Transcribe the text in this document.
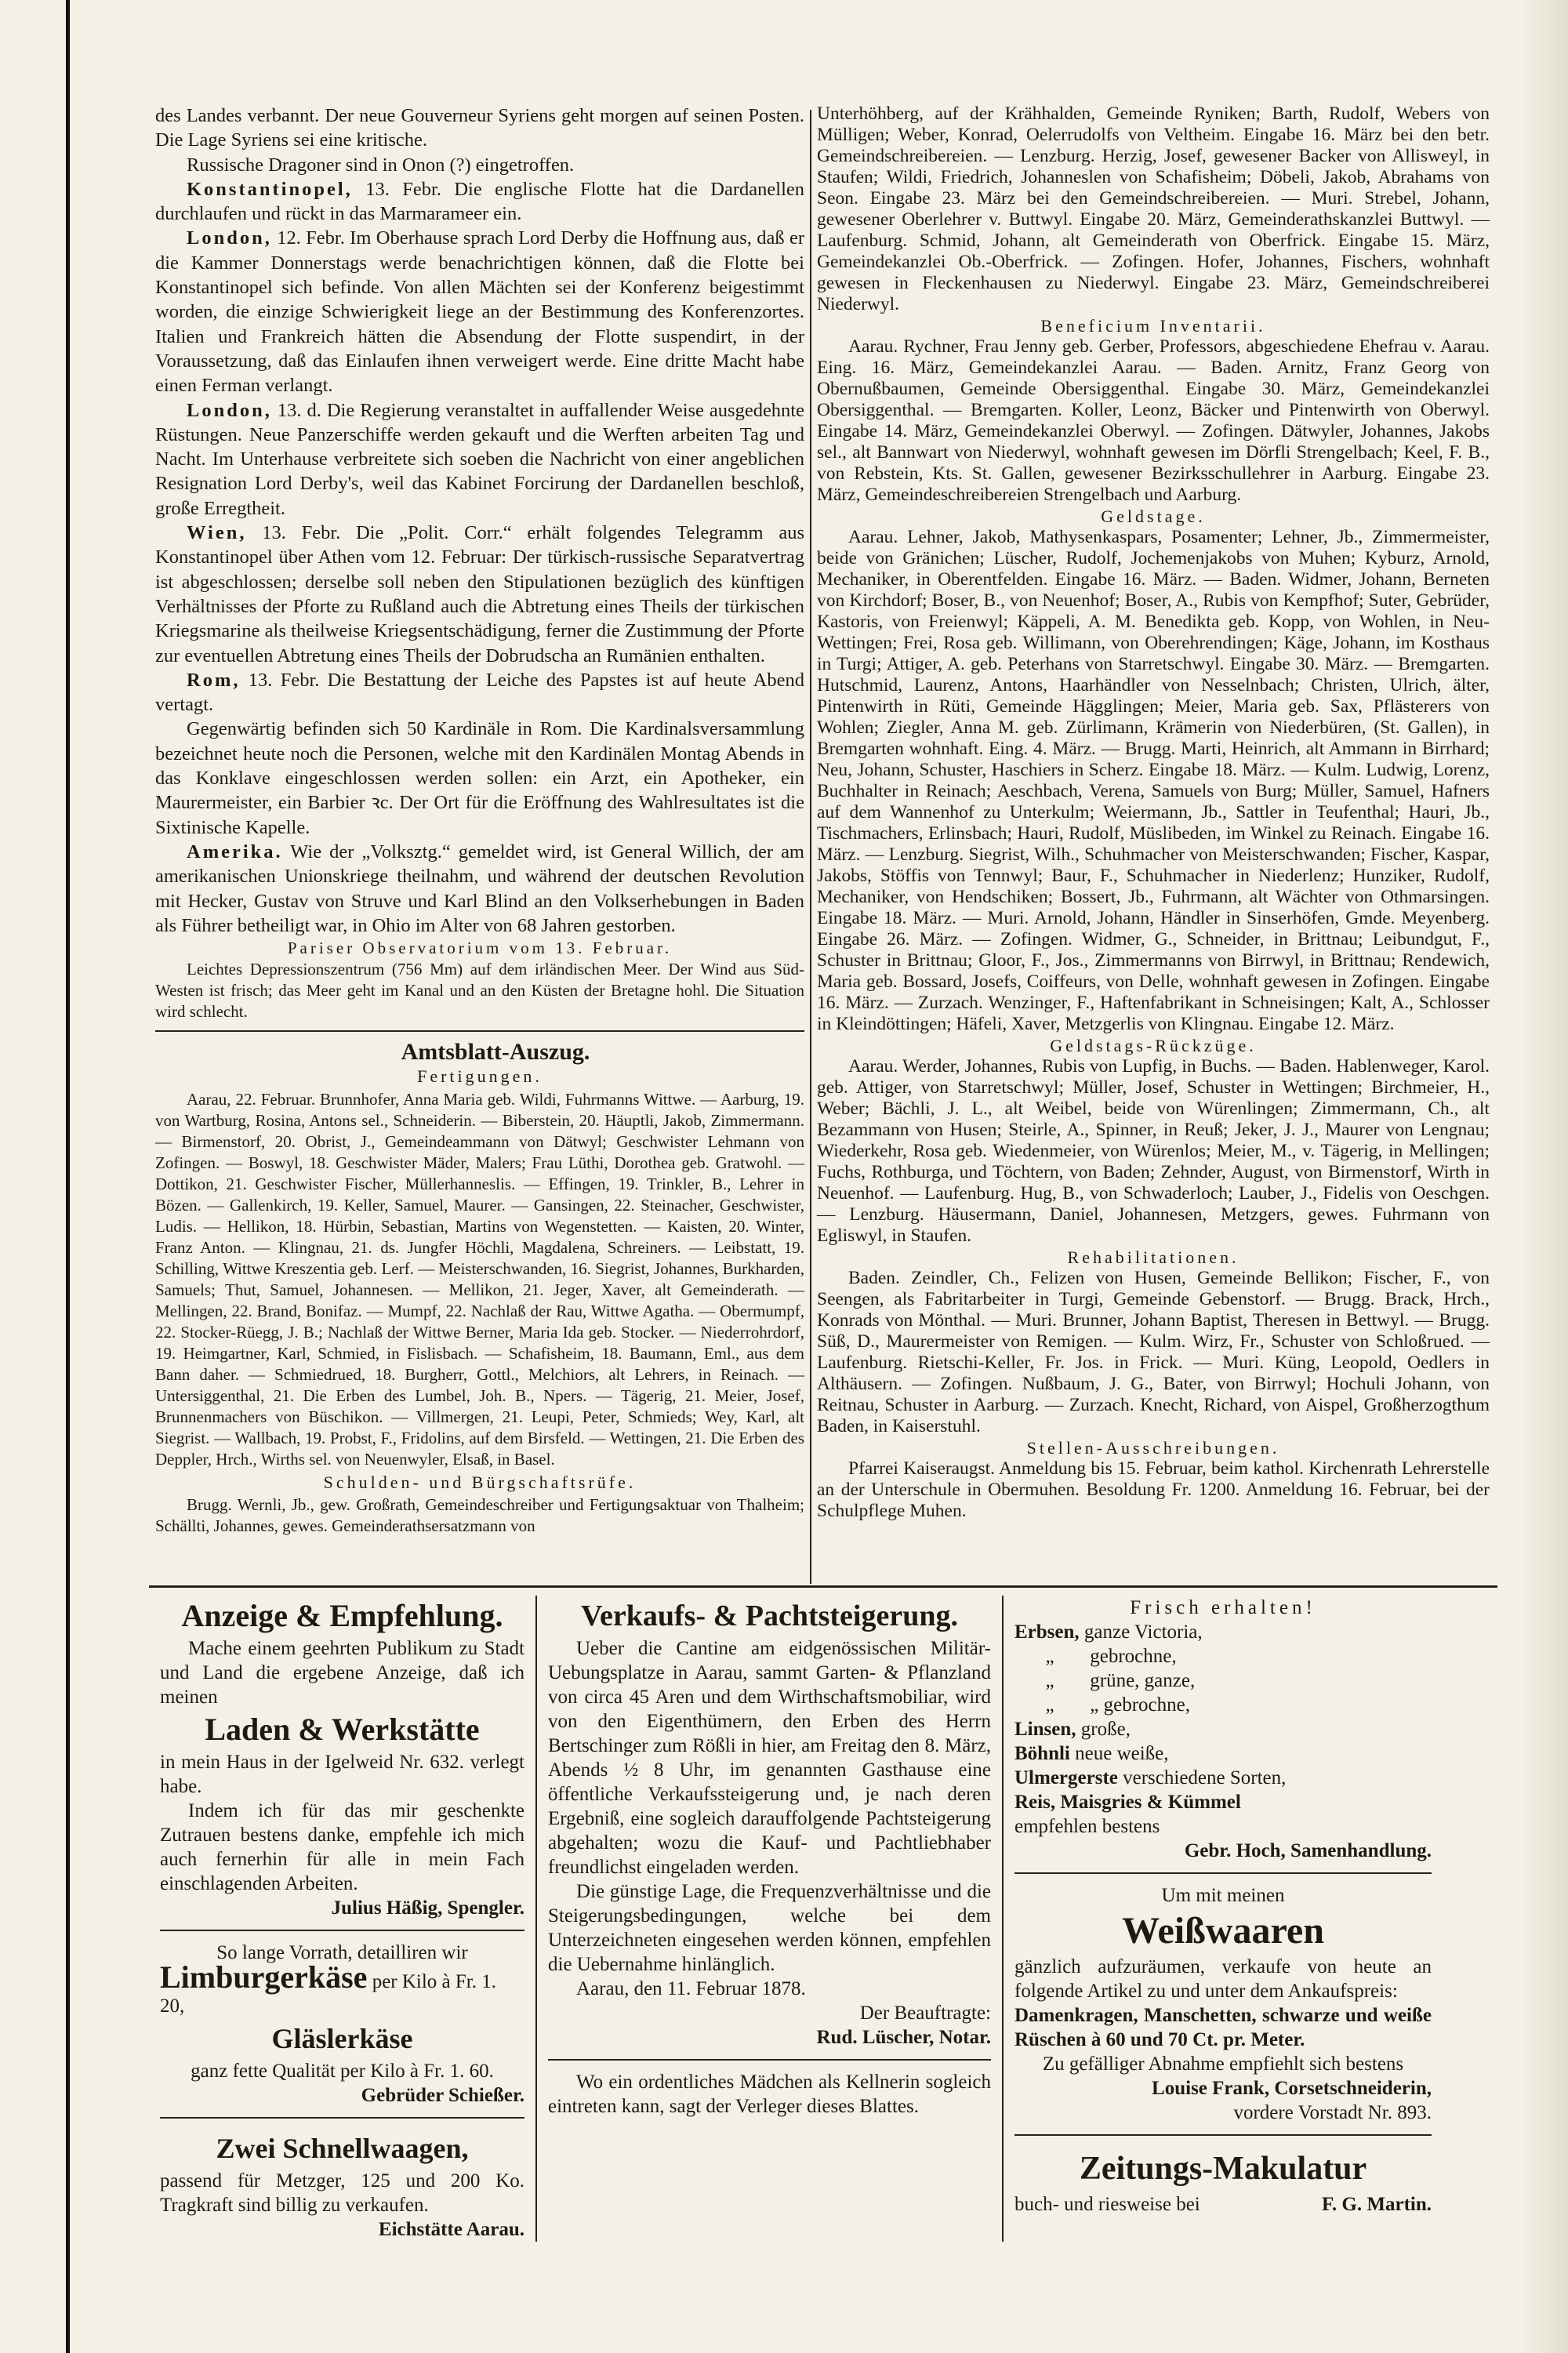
des Landes verbannt. Der neue Gouverneur Syriens geht morgen auf seinen Posten. Die Lage Syriens sei eine kritische.

Russische Dragoner sind in Onon (?) eingetroffen.

Konstantinopel, 13. Febr. Die englische Flotte hat die Dardanellen durchlaufen und rückt in das Marmarameer ein.

London, 12. Febr. Im Oberhause sprach Lord Derby die Hoffnung aus, daß er die Kammer Donnerstags werde benachrichtigen können, daß die Flotte bei Konstantinopel sich befinde. Von allen Mächten sei der Konferenz beigestimmt worden, die einzige Schwierigkeit liege an der Bestimmung des Konferenzortes. Italien und Frankreich hätten die Absendung der Flotte suspendirt, in der Voraussetzung, daß das Einlaufen ihnen verweigert werde. Eine dritte Macht habe einen Ferman verlangt.

London, 13. d. Die Regierung veranstaltet in auffallender Weise ausgedehnte Rüstungen. Neue Panzerschiffe werden gekauft und die Werften arbeiten Tag und Nacht. Im Unterhause verbreitete sich soeben die Nachricht von einer angeblichen Resignation Lord Derby's, weil das Kabinet Forcirung der Dardanellen beschloß, große Erregtheit.

Wien, 13. Febr. Die „Polit. Corr.“ erhält folgendes Telegramm aus Konstantinopel über Athen vom 12. Februar: Der türkisch-russische Separatvertrag ist abgeschlossen; derselbe soll neben den Stipulationen bezüglich des künftigen Verhältnisses der Pforte zu Rußland auch die Abtretung eines Theils der türkischen Kriegsmarine als theilweise Kriegsentschädigung, ferner die Zustimmung der Pforte zur eventuellen Abtretung eines Theils der Dobrudscha an Rumänien enthalten.

Rom, 13. Febr. Die Bestattung der Leiche des Papstes ist auf heute Abend vertagt.

Gegenwärtig befinden sich 50 Kardinäle in Rom. Die Kardinalsversammlung bezeichnet heute noch die Personen, welche mit den Kardinälen Montag Abends in das Konklave eingeschlossen werden sollen: ein Arzt, ein Apotheker, ein Maurermeister, ein Barbier ꝛc. Der Ort für die Eröffnung des Wahlresultates ist die Sixtinische Kapelle.

Amerika. Wie der „Volksztg.“ gemeldet wird, ist General Willich, der am amerikanischen Unionskriege theilnahm, und während der deutschen Revolution mit Hecker, Gustav von Struve und Karl Blind an den Volkserhebungen in Baden als Führer betheiligt war, in Ohio im Alter von 68 Jahren gestorben.

Pariser Observatorium vom 13. Februar.

Leichtes Depressionszentrum (756 Mm) auf dem irländischen Meer. Der Wind aus Süd-Westen ist frisch; das Meer geht im Kanal und an den Küsten der Bretagne hohl. Die Situation wird schlecht.

Amtsblatt-Auszug.

Fertigungen.

Aarau, 22. Februar. Brunnhofer, Anna Maria geb. Wildi, Fuhrmanns Wittwe. — Aarburg, 19. von Wartburg, Rosina, Antons sel., Schneiderin. — Biberstein, 20. Häuptli, Jakob, Zimmermann. — Birmenstorf, 20. Obrist, J., Gemeindeammann von Dätwyl; Geschwister Lehmann von Zofingen. — Boswyl, 18. Geschwister Mäder, Malers; Frau Lüthi, Dorothea geb. Gratwohl. — Dottikon, 21. Geschwister Fischer, Müllerhanneslis. — Effingen, 19. Trinkler, B., Lehrer in Bözen. — Gallenkirch, 19. Keller, Samuel, Maurer. — Gansingen, 22. Steinacher, Geschwister, Ludis. — Hellikon, 18. Hürbin, Sebastian, Martins von Wegenstetten. — Kaisten, 20. Winter, Franz Anton. — Klingnau, 21. ds. Jungfer Höchli, Magdalena, Schreiners. — Leibstatt, 19. Schilling, Wittwe Kreszentia geb. Lerf. — Meisterschwanden, 16. Siegrist, Johannes, Burkharden, Samuels; Thut, Samuel, Johannesen. — Mellikon, 21. Jeger, Xaver, alt Gemeinderath. — Mellingen, 22. Brand, Bonifaz. — Mumpf, 22. Nachlaß der Rau, Wittwe Agatha. — Obermumpf, 22. Stocker-Rüegg, J. B.; Nachlaß der Wittwe Berner, Maria Ida geb. Stocker. — Niederrohrdorf, 19. Heimgartner, Karl, Schmied, in Fislisbach. — Schafisheim, 18. Baumann, Eml., aus dem Bann daher. — Schmiedrued, 18. Burgherr, Gottl., Melchiors, alt Lehrers, in Reinach. — Untersiggenthal, 21. Die Erben des Lumbel, Joh. B., Npers. — Tägerig, 21. Meier, Josef, Brunnenmachers von Büschikon. — Villmergen, 21. Leupi, Peter, Schmieds; Wey, Karl, alt Siegrist. — Wallbach, 19. Probst, F., Fridolins, auf dem Birsfeld. — Wettingen, 21. Die Erben des Deppler, Hrch., Wirths sel. von Neuenwyler, Elsaß, in Basel.

Schulden- und Bürgschaftsrüfe.

Brugg. Wernli, Jb., gew. Großrath, Gemeindeschreiber und Fertigungsaktuar von Thalheim; Schällti, Johannes, gewes. Gemeinderathsersatzmann von

Unterhöhberg, auf der Krähhalden, Gemeinde Ryniken; Barth, Rudolf, Webers von Mülligen; Weber, Konrad, Oelerrudolfs von Veltheim. Eingabe 16. März bei den betr. Gemeindschreibereien. — Lenzburg. Herzig, Josef, gewesener Backer von Allisweyl, in Staufen; Wildi, Friedrich, Johanneslen von Schafisheim; Döbeli, Jakob, Abrahams von Seon. Eingabe 23. März bei den Gemeindschreibereien. — Muri. Strebel, Johann, gewesener Oberlehrer v. Buttwyl. Eingabe 20. März, Gemeinderathskanzlei Buttwyl. — Laufenburg. Schmid, Johann, alt Gemeinderath von Oberfrick. Eingabe 15. März, Gemeindekanzlei Ob.-Oberfrick. — Zofingen. Hofer, Johannes, Fischers, wohnhaft gewesen in Fleckenhausen zu Niederwyl. Eingabe 23. März, Gemeindschreiberei Niederwyl.

Beneficium Inventarii.

Aarau. Rychner, Frau Jenny geb. Gerber, Professors, abgeschiedene Ehefrau v. Aarau. Eing. 16. März, Gemeindekanzlei Aarau. — Baden. Arnitz, Franz Georg von Obernußbaumen, Gemeinde Obersiggenthal. Eingabe 30. März, Gemeindekanzlei Obersiggenthal. — Bremgarten. Koller, Leonz, Bäcker und Pintenwirth von Oberwyl. Eingabe 14. März, Gemeindekanzlei Oberwyl. — Zofingen. Dätwyler, Johannes, Jakobs sel., alt Bannwart von Niederwyl, wohnhaft gewesen im Dörfli Strengelbach; Keel, F. B., von Rebstein, Kts. St. Gallen, gewesener Bezirksschullehrer in Aarburg. Eingabe 23. März, Gemeindeschreibereien Strengelbach und Aarburg.

Geldstage.

Aarau. Lehner, Jakob, Mathysenkaspars, Posamenter; Lehner, Jb., Zimmermeister, beide von Gränichen; Lüscher, Rudolf, Jochemenjakobs von Muhen; Kyburz, Arnold, Mechaniker, in Oberentfelden. Eingabe 16. März. — Baden. Widmer, Johann, Berneten von Kirchdorf; Boser, B., von Neuenhof; Boser, A., Rubis von Kempfhof; Suter, Gebrüder, Kastoris, von Freienwyl; Käppeli, A. M. Benedikta geb. Kopp, von Wohlen, in Neu-Wettingen; Frei, Rosa geb. Willimann, von Oberehrendingen; Käge, Johann, im Kosthaus in Turgi; Attiger, A. geb. Peterhans von Starretschwyl. Eingabe 30. März. — Bremgarten. Hutschmid, Laurenz, Antons, Haarhändler von Nesselnbach; Christen, Ulrich, älter, Pintenwirth in Rüti, Gemeinde Hägglingen; Meier, Maria geb. Sax, Pflästerers von Wohlen; Ziegler, Anna M. geb. Zürlimann, Krämerin von Niederbüren, (St. Gallen), in Bremgarten wohnhaft. Eing. 4. März. — Brugg. Marti, Heinrich, alt Ammann in Birrhard; Neu, Johann, Schuster, Haschiers in Scherz. Eingabe 18. März. — Kulm. Ludwig, Lorenz, Buchhalter in Reinach; Aeschbach, Verena, Samuels von Burg; Müller, Samuel, Hafners auf dem Wannenhof zu Unterkulm; Weiermann, Jb., Sattler in Teufenthal; Hauri, Jb., Tischmachers, Erlinsbach; Hauri, Rudolf, Müslibeden, im Winkel zu Reinach. Eingabe 16. März. — Lenzburg. Siegrist, Wilh., Schuhmacher von Meisterschwanden; Fischer, Kaspar, Jakobs, Stöffis von Tennwyl; Baur, F., Schuhmacher in Niederlenz; Hunziker, Rudolf, Mechaniker, von Hendschiken; Bossert, Jb., Fuhrmann, alt Wächter von Othmarsingen. Eingabe 18. März. — Muri. Arnold, Johann, Händler in Sinserhöfen, Gmde. Meyenberg. Eingabe 26. März. — Zofingen. Widmer, G., Schneider, in Brittnau; Leibundgut, F., Schuster in Brittnau; Gloor, F., Jos., Zimmermanns von Birrwyl, in Brittnau; Rendewich, Maria geb. Bossard, Josefs, Coiffeurs, von Delle, wohnhaft gewesen in Zofingen. Eingabe 16. März. — Zurzach. Wenzinger, F., Haftenfabrikant in Schneisingen; Kalt, A., Schlosser in Kleindöttingen; Häfeli, Xaver, Metzgerlis von Klingnau. Eingabe 12. März.

Geldstags-Rückzüge.

Aarau. Werder, Johannes, Rubis von Lupfig, in Buchs. — Baden. Hablenweger, Karol. geb. Attiger, von Starretschwyl; Müller, Josef, Schuster in Wettingen; Birchmeier, H., Weber; Bächli, J. L., alt Weibel, beide von Würenlingen; Zimmermann, Ch., alt Bezammann von Husen; Steirle, A., Spinner, in Reuß; Jeker, J. J., Maurer von Lengnau; Wiederkehr, Rosa geb. Wiedenmeier, von Würenlos; Meier, M., v. Tägerig, in Mellingen; Fuchs, Rothburga, und Töchtern, von Baden; Zehnder, August, von Birmenstorf, Wirth in Neuenhof. — Laufenburg. Hug, B., von Schwaderloch; Lauber, J., Fidelis von Oeschgen. — Lenzburg. Häusermann, Daniel, Johannesen, Metzgers, gewes. Fuhrmann von Egliswyl, in Staufen.

Rehabilitationen.

Baden. Zeindler, Ch., Felizen von Husen, Gemeinde Bellikon; Fischer, F., von Seengen, als Fabritarbeiter in Turgi, Gemeinde Gebenstorf. — Brugg. Brack, Hrch., Konrads von Mönthal. — Muri. Brunner, Johann Baptist, Theresen in Bettwyl. — Brugg. Süß, D., Maurermeister von Remigen. — Kulm. Wirz, Fr., Schuster von Schloßrued. — Laufenburg. Rietschi-Keller, Fr. Jos. in Frick. — Muri. Küng, Leopold, Oedlers in Althäusern. — Zofingen. Nußbaum, J. G., Bater, von Birrwyl; Hochuli Johann, von Reitnau, Schuster in Aarburg. — Zurzach. Knecht, Richard, von Aispel, Großherzogthum Baden, in Kaiserstuhl.

Stellen-Ausschreibungen.

Pfarrei Kaiseraugst. Anmeldung bis 15. Februar, beim kathol. Kirchenrath Lehrerstelle an der Unterschule in Obermuhen. Besoldung Fr. 1200. Anmeldung 16. Februar, bei der Schulpflege Muhen.

Anzeige & Empfehlung.
Mache einem geehrten Publikum zu Stadt und Land die ergebene Anzeige, daß ich meinen
Laden & Werkstätte
in mein Haus in der Igelweid Nr. 632. verlegt habe.
Indem ich für das mir geschenkte Zutrauen bestens danke, empfehle ich mich auch fernerhin für alle in mein Fach einschlagenden Arbeiten.
Julius Häßig, Spengler.
So lange Vorrath, detailliren wir
Limburgerkäse per Kilo à Fr. 1. 20,
Gläslerkäse
ganz fette Qualität per Kilo à Fr. 1. 60.
Gebrüder Schießer.
Zwei Schnellwaagen,
passend für Metzger, 125 und 200 Ko. Tragkraft sind billig zu verkaufen.
Eichstätte Aarau.
Verkaufs- & Pachtsteigerung.
Ueber die Cantine am eidgenössischen Militär-Uebungsplatze in Aarau, sammt Garten- & Pflanzland von circa 45 Aren und dem Wirthschaftsmobiliar, wird von den Eigenthümern, den Erben des Herrn Bertschinger zum Rößli in hier, am Freitag den 8. März, Abends ½ 8 Uhr, im genannten Gasthause eine öffentliche Verkaufssteigerung und, je nach deren Ergebniß, eine sogleich darauffolgende Pachtsteigerung abgehalten; wozu die Kauf- und Pachtliebhaber freundlichst eingeladen werden.
Die günstige Lage, die Frequenzverhältnisse und die Steigerungsbedingungen, welche bei dem Unterzeichneten eingesehen werden können, empfehlen die Uebernahme hinlänglich.
Aarau, den 11. Februar 1878.
Der Beauftragte:
Rud. Lüscher, Notar.
Wo ein ordentliches Mädchen als Kellnerin sogleich eintreten kann, sagt der Verleger dieses Blattes.
Frisch erhalten!
Erbsen, ganze Victoria,
„ gebrochne,
„ grüne, ganze,
„ „ gebrochne,
Linsen, große,
Böhnli neue weiße,
Ulmergerste verschiedene Sorten,
Reis, Maisgries & Kümmel
empfehlen bestens
Gebr. Hoch, Samenhandlung.
Um mit meinen
Weißwaaren
gänzlich aufzuräumen, verkaufe von heute an folgende Artikel zu und unter dem Ankaufspreis:
Damenkragen, Manschetten, schwarze und weiße Rüschen à 60 und 70 Ct. pr. Meter.
Zu gefälliger Abnahme empfiehlt sich bestens
Louise Frank, Corsetschneiderin,
vordere Vorstadt Nr. 893.
Zeitungs-Makulatur
buch- und riesweise bei	F. G. Martin.
